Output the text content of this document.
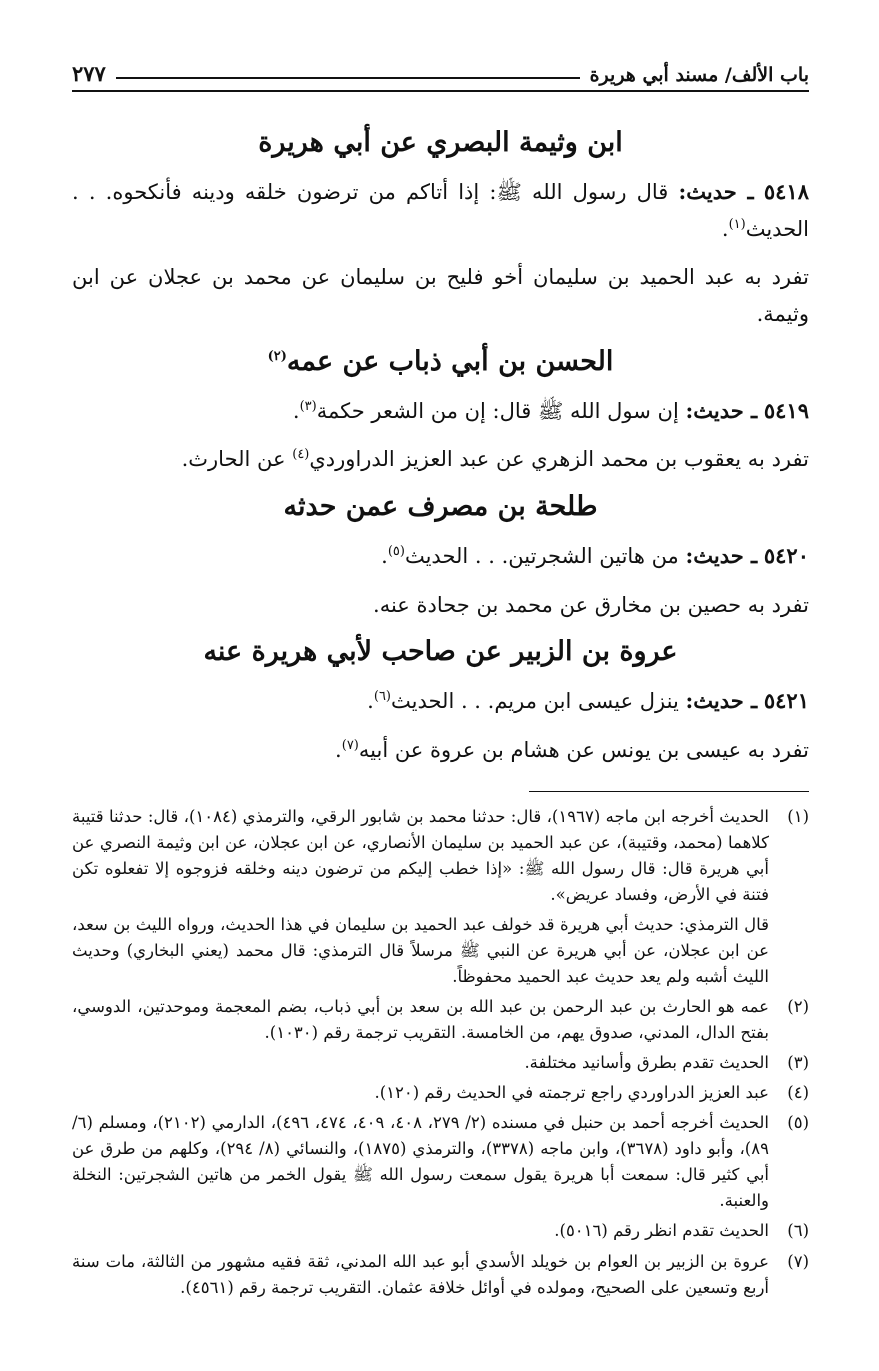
باب الألف/ مسند أبي هريرة
٢٧٧
ابن وثيمة البصري عن أبي هريرة

٥٤١٨ ـ حديث: قال رسول الله ﷺ: إذا أتاكم من ترضون خلقه ودينه فأنكحوه. . . الحديث$^{(١)}$.

تفرد به عبد الحميد بن سليمان أخو فليح بن سليمان عن محمد بن عجلان عن ابن وثيمة.

الحسن بن أبي ذباب عن عمه$^{(٢)}$

٥٤١٩ ـ حديث: إن سول الله ﷺ قال: إن من الشعر حكمة$^{(٣)}$.

تفرد به يعقوب بن محمد الزهري عن عبد العزيز الدراوردي$^{(٤)}$ عن الحارث.

طلحة بن مصرف عمن حدثه

٥٤٢٠ ـ حديث: من هاتين الشجرتين. . . الحديث$^{(٥)}$.

تفرد به حصين بن مخارق عن محمد بن جحادة عنه.

عروة بن الزبير عن صاحب لأبي هريرة عنه

٥٤٢١ ـ حديث: ينزل عيسى ابن مريم. . . الحديث$^{(٦)}$.

تفرد به عيسى بن يونس عن هشام بن عروة عن أبيه$^{(٧)}$.

(١)
الحديث أخرجه ابن ماجه (١٩٦٧)، قال: حدثنا محمد بن شابور الرقي، والترمذي (١٠٨٤)، قال: حدثنا قتيبة كلاهما (محمد، وقتيبة)، عن عبد الحميد بن سليمان الأنصاري، عن ابن عجلان، عن ابن وثيمة النصري عن أبي هريرة قال: قال رسول الله ﷺ: «إذا خطب إليكم من ترضون دينه وخلقه فزوجوه إلا تفعلوه تكن فتنة في الأرض، وفساد عريض».
قال الترمذي: حديث أبي هريرة قد خولف عبد الحميد بن سليمان في هذا الحديث، ورواه الليث بن سعد، عن ابن عجلان، عن أبي هريرة عن النبي ﷺ مرسلاً قال الترمذي: قال محمد (يعني البخاري) وحديث الليث أشبه ولم يعد حديث عبد الحميد محفوظاً.
(٢)
عمه هو الحارث بن عبد الرحمن بن عبد الله بن سعد بن أبي ذباب، بضم المعجمة وموحدتين، الدوسي، بفتح الدال، المدني، صدوق يهم، من الخامسة. التقريب ترجمة رقم (١٠٣٠).
(٣)
الحديث تقدم بطرق وأسانيد مختلفة.
(٤)
عبد العزيز الدراوردي راجع ترجمته في الحديث رقم (١٢٠).
(٥)
الحديث أخرجه أحمد بن حنبل في مسنده (٢/ ٢٧٩، ٤٠٨، ٤٠٩، ٤٧٤، ٤٩٦)، الدارمي (٢١٠٢)، ومسلم (٦/ ٨٩)، وأبو داود (٣٦٧٨)، وابن ماجه (٣٣٧٨)، والترمذي (١٨٧٥)، والنسائي (٨/ ٢٩٤)، وكلهم من طرق عن أبي كثير قال: سمعت أبا هريرة يقول سمعت رسول الله ﷺ يقول الخمر من هاتين الشجرتين: النخلة والعنبة.
(٦)
الحديث تقدم انظر رقم (٥٠١٦).
(٧)
عروة بن الزبير بن العوام بن خويلد الأسدي أبو عبد الله المدني، ثقة فقيه مشهور من الثالثة، مات سنة أربع وتسعين على الصحيح، ومولده في أوائل خلافة عثمان. التقريب ترجمة رقم (٤٥٦١).
